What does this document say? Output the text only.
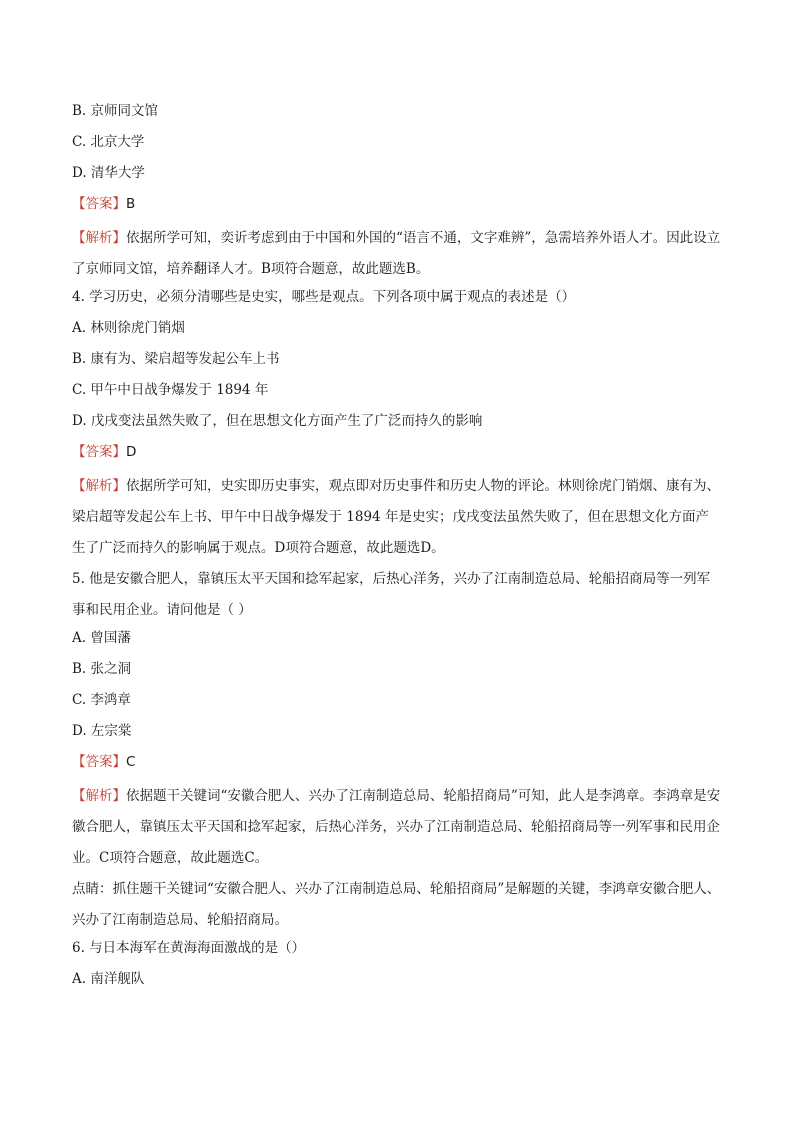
B. 京师同文馆
C. 北京大学
D. 清华大学
【答案】B
【解析】依据所学可知，奕䜣考虑到由于中国和外国的“语言不通，文字难辨”，急需培养外语人才。因此设立了京师同文馆，培养翻译人才。B项符合题意，故此题选B。
4. 学习历史，必须分清哪些是史实，哪些是观点。下列各项中属于观点的表述是（）
A. 林则徐虎门销烟
B. 康有为、梁启超等发起公车上书
C. 甲午中日战争爆发于 1894 年
D. 戊戌变法虽然失败了，但在思想文化方面产生了广泛而持久的影响
【答案】D
【解析】依据所学可知，史实即历史事实，观点即对历史事件和历史人物的评论。林则徐虎门销烟、康有为、梁启超等发起公车上书、甲午中日战争爆发于 1894 年是史实；戊戌变法虽然失败了，但在思想文化方面产生了广泛而持久的影响属于观点。D项符合题意，故此题选D。
5. 他是安徽合肥人，靠镇压太平天国和捻军起家，后热心洋务，兴办了江南制造总局、轮船招商局等一列军事和民用企业。请问他是（ ）
A. 曾国藩
B. 张之洞
C. 李鸿章
D. 左宗棠
【答案】C
【解析】依据题干关键词“安徽合肥人、兴办了江南制造总局、轮船招商局”可知，此人是李鸿章。李鸿章是安徽合肥人，靠镇压太平天国和捻军起家，后热心洋务，兴办了江南制造总局、轮船招商局等一列军事和民用企业。C项符合题意，故此题选C。
点睛：抓住题干关键词“安徽合肥人、兴办了江南制造总局、轮船招商局”是解题的关键，李鸿章安徽合肥人、兴办了江南制造总局、轮船招商局。
6. 与日本海军在黄海海面激战的是（）
A. 南洋舰队
